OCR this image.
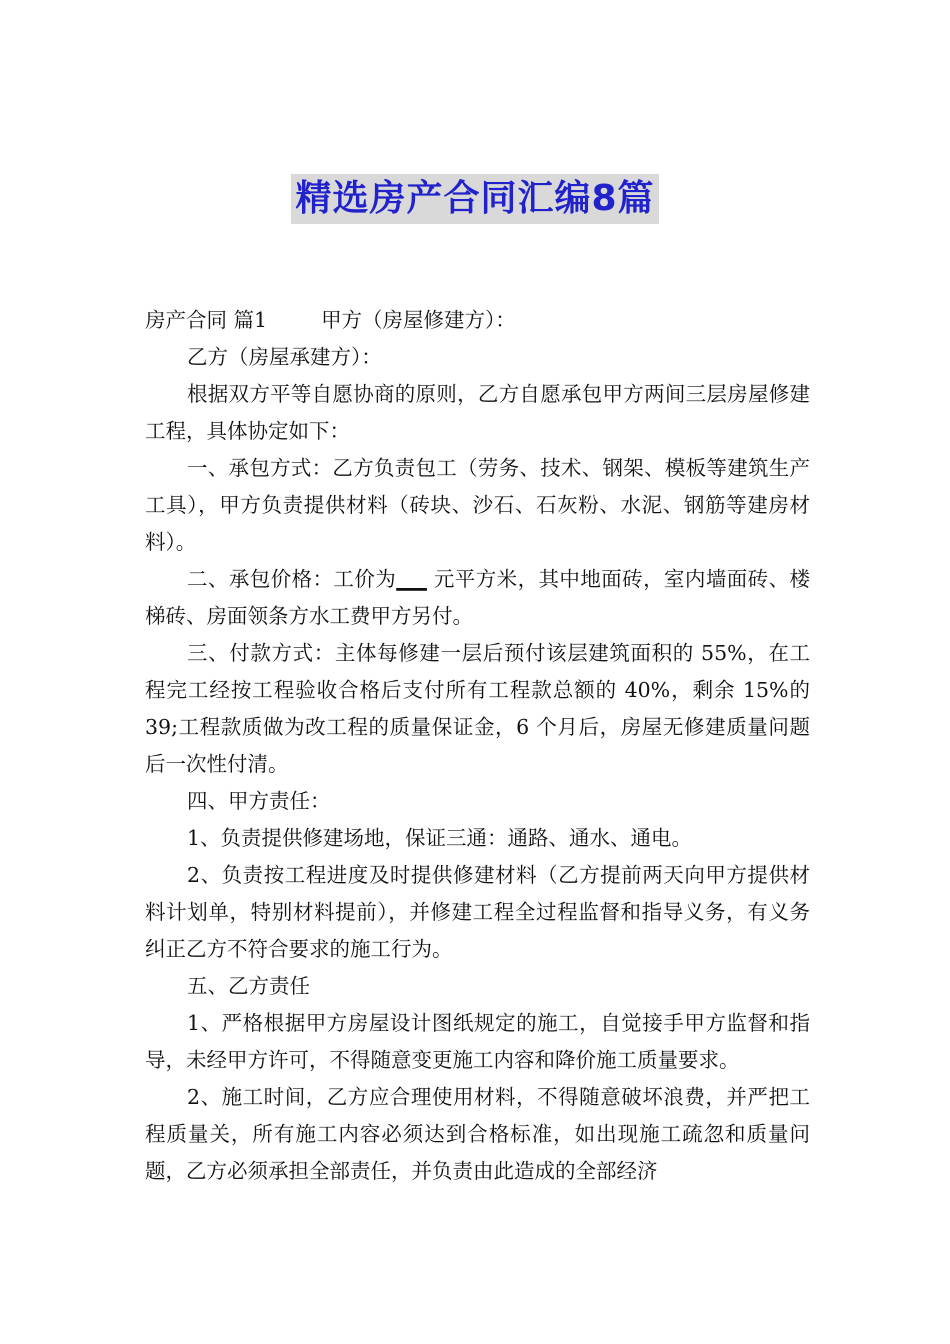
精选房产合同汇编8篇

房产合同 篇1	甲方（房屋修建方）：

乙方（房屋承建方）：

根据双方平等自愿协商的原则，乙方自愿承包甲方两间三层房屋修建工程，具体协定如下：

一、承包方式：乙方负责包工（劳务、技术、钢架、模板等建筑生产工具），甲方负责提供材料（砖块、沙石、石灰粉、水泥、钢筋等建房材料）。

二、承包价格：工价为___ 元平方米，其中地面砖，室内墙面砖、楼梯砖、房面领条方水工费甲方另付。

三、付款方式：主体每修建一层后预付该层建筑面积的 55%，在工程完工经按工程验收合格后支付所有工程款总额的 40%，剩余 15%的 39;工程款质做为改工程的质量保证金，6 个月后，房屋无修建质量问题后一次性付清。

四、甲方责任：

1、负责提供修建场地，保证三通：通路、通水、通电。

2、负责按工程进度及时提供修建材料（乙方提前两天向甲方提供材料计划单，特别材料提前），并修建工程全过程监督和指导义务，有义务纠正乙方不符合要求的施工行为。

五、乙方责任

1、严格根据甲方房屋设计图纸规定的施工，自觉接手甲方监督和指导，未经甲方许可，不得随意变更施工内容和降价施工质量要求。

2、施工时间，乙方应合理使用材料，不得随意破坏浪费，并严把工程质量关，所有施工内容必须达到合格标准，如出现施工疏忽和质量问题，乙方必须承担全部责任，并负责由此造成的全部经济
